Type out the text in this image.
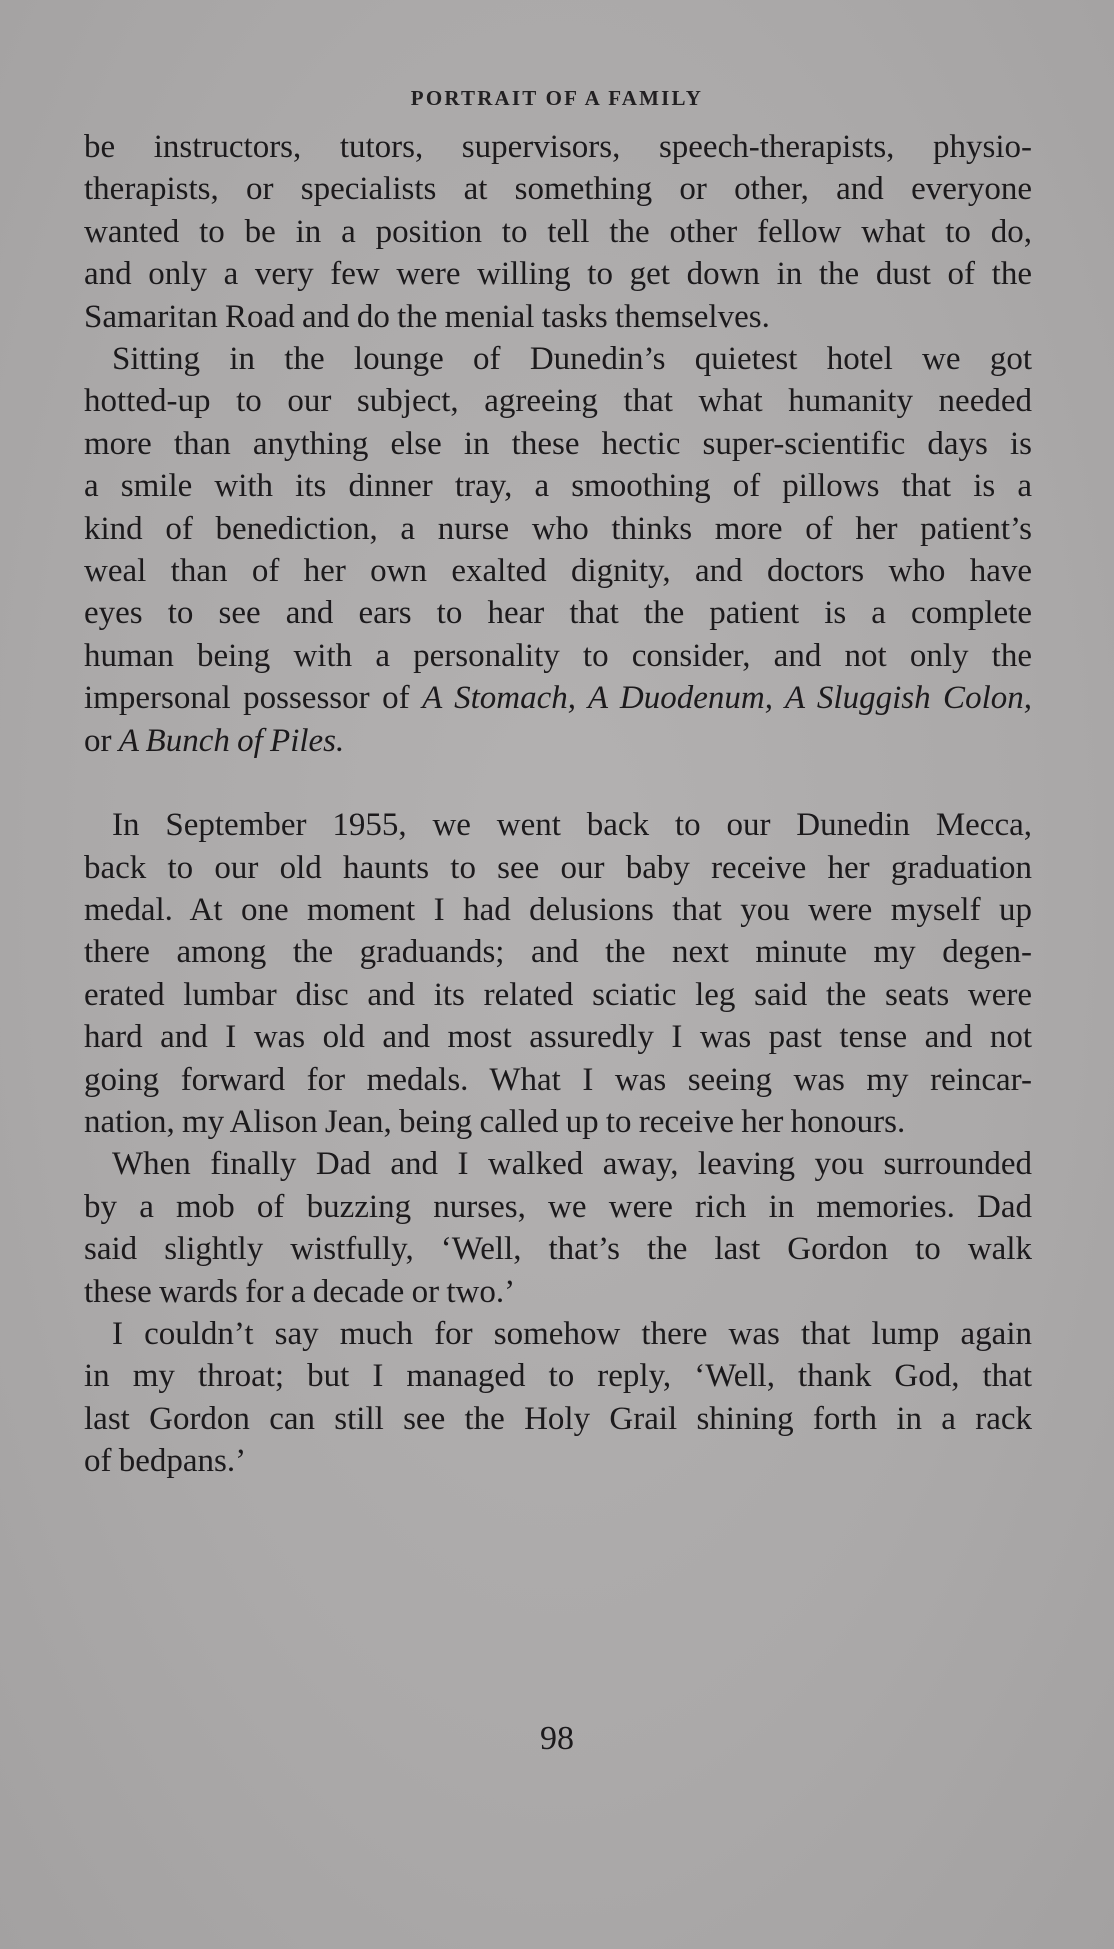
PORTRAIT OF A FAMILY
be instructors, tutors, supervisors, speech-therapists, physio-
therapists, or specialists at something or other, and everyone
wanted to be in a position to tell the other fellow what to do,
and only a very few were willing to get down in the dust of the
Samaritan Road and do the menial tasks themselves.
Sitting in the lounge of Dunedin’s quietest hotel we got
hotted-up to our subject, agreeing that what humanity needed
more than anything else in these hectic super-scientific days is
a smile with its dinner tray, a smoothing of pillows that is a
kind of benediction, a nurse who thinks more of her patient’s
weal than of her own exalted dignity, and doctors who have
eyes to see and ears to hear that the patient is a complete
human being with a personality to consider, and not only the
impersonal possessor of A Stomach, A Duodenum, A Sluggish Colon,
or A Bunch of Piles.
In September 1955, we went back to our Dunedin Mecca,
back to our old haunts to see our baby receive her graduation
medal. At one moment I had delusions that you were myself up
there among the graduands; and the next minute my degen-
erated lumbar disc and its related sciatic leg said the seats were
hard and I was old and most assuredly I was past tense and not
going forward for medals. What I was seeing was my reincar-
nation, my Alison Jean, being called up to receive her honours.
When finally Dad and I walked away, leaving you surrounded
by a mob of buzzing nurses, we were rich in memories. Dad
said slightly wistfully, ‘Well, that’s the last Gordon to walk
these wards for a decade or two.’
I couldn’t say much for somehow there was that lump again
in my throat; but I managed to reply, ‘Well, thank God, that
last Gordon can still see the Holy Grail shining forth in a rack
of bedpans.’
98
